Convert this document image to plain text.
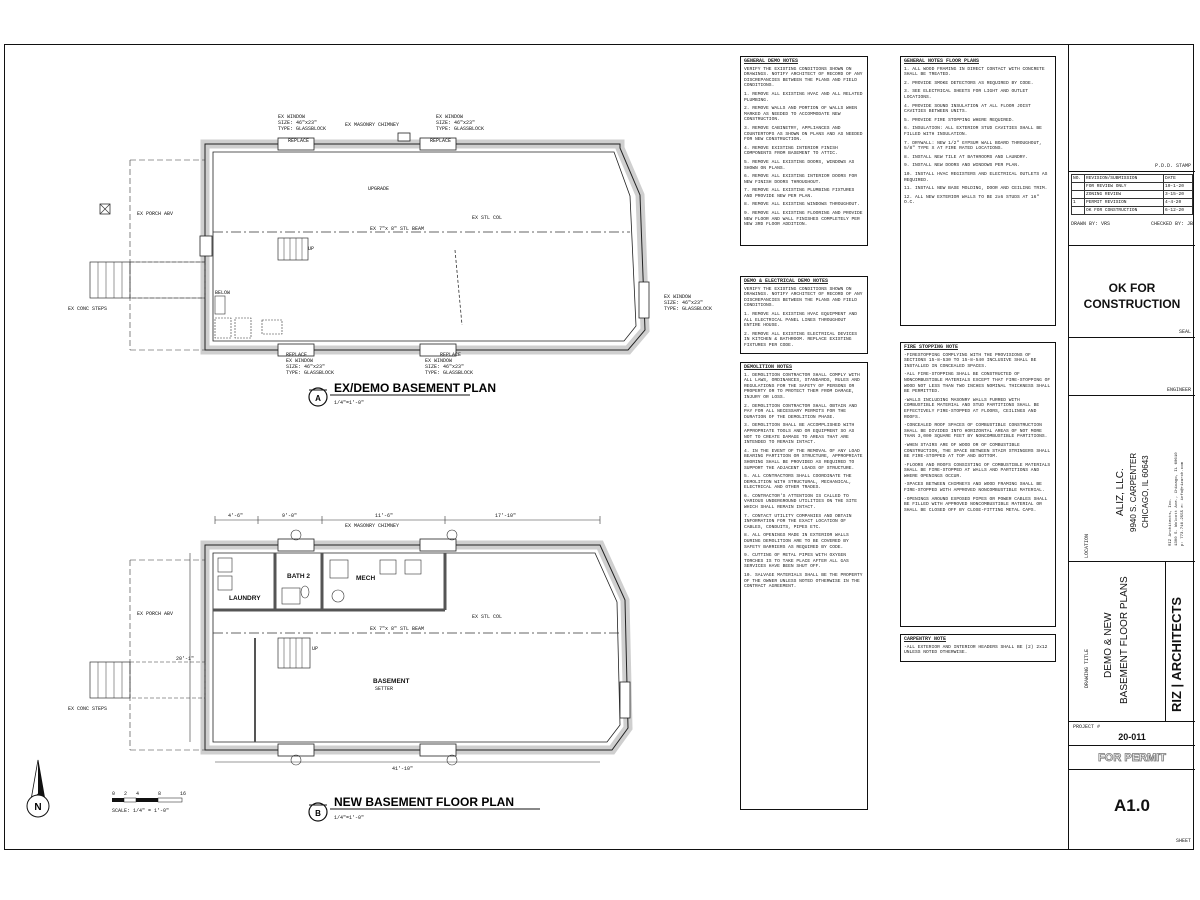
EX WINDOW
SIZE: 46"x23"
TYPE: GLASSBLOCK
EX WINDOW
SIZE: 46"x23"
TYPE: GLASSBLOCK
EX MASONRY CHIMNEY
REPLACE	REPLACE
REPLACE	REPLACE
EX WINDOW
SIZE: 46"x23"
TYPE: GLASSBLOCK
EX WINDOW
SIZE: 46"x23"
TYPE: GLASSBLOCK
EX WINDOW
SIZE: 46"x23"
TYPE: GLASSBLOCK
EX PORCH ABV
EX STL COL
EX 7"x 8" STL BEAM
EX CONC STEPS
UP
UPGRADE
BELOW
A
EX/DEMO BASEMENT PLAN
1/4"=1'-0"
BATH 2
LAUNDRY
MECH
BASEMENT
SETTER
EX PORCH ABV	EX STL COL
EX 7"x 8" STL BEAM
EX CONC STEPS
UP
EX MASONRY CHIMNEY
4'-6"	9'-0"	11'-6"	17'-10"
41'-10"
20'-1"
B
NEW BASEMENT FLOOR PLAN
1/4"=1'-0"
N
0 2 4	8	16
SCALE: 1/4" = 1'-0"
GENERAL DEMO NOTES

VERIFY THE EXISTING CONDITIONS SHOWN ON DRAWINGS. NOTIFY ARCHITECT OF RECORD OF ANY DISCREPANCIES BETWEEN THE PLANS AND FIELD CONDITIONS.

1. REMOVE ALL EXISTING HVAC AND ALL RELATED PLUMBING.

2. REMOVE WALLS AND PORTION OF WALLS WHEN MARKED AS NEEDED TO ACCOMMODATE NEW CONSTRUCTION.

3. REMOVE CABINETRY, APPLIANCES AND COUNTERTOPS AS SHOWN ON PLANS AND AS NEEDED FOR NEW CONSTRUCTION.

4. REMOVE EXISTING INTERIOR FINISH COMPONENTS FROM BASEMENT TO ATTIC.

5. REMOVE ALL EXISTING DOORS, WINDOWS AS SHOWN ON PLANS.

6. REMOVE ALL EXISTING INTERIOR DOORS FOR NEW FINISH DOORS THROUGHOUT.

7. REMOVE ALL EXISTING PLUMBING FIXTURES AND PROVIDE NEW PER PLAN.

8. REMOVE ALL EXISTING WINDOWS THROUGHOUT.

9. REMOVE ALL EXISTING FLOORING AND PROVIDE NEW FLOOR AND WALL FINISHES COMPLETELY PER NEW 3RD FLOOR ADDITION.

DEMO & ELECTRICAL DEMO NOTES

VERIFY THE EXISTING CONDITIONS SHOWN ON DRAWINGS. NOTIFY ARCHITECT OF RECORD OF ANY DISCREPANCIES BETWEEN THE PLANS AND FIELD CONDITIONS.

1. REMOVE ALL EXISTING HVAC EQUIPMENT AND ALL ELECTRICAL PANEL LINES THROUGHOUT ENTIRE HOUSE.

2. REMOVE ALL EXISTING ELECTRICAL DEVICES IN KITCHEN & BATHROOM. REPLACE EXISTING FIXTURES PER CODE.

DEMOLITION NOTES

1. DEMOLITION CONTRACTOR SHALL COMPLY WITH ALL LAWS, ORDINANCES, STANDARDS, RULES AND REGULATIONS FOR THE SAFETY OF PERSONS OR PROPERTY OR TO PROTECT THEM FROM DAMAGE, INJURY OR LOSS.

2. DEMOLITION CONTRACTOR SHALL OBTAIN AND PAY FOR ALL NECESSARY PERMITS FOR THE DURATION OF THE DEMOLITION PHASE.

3. DEMOLITION SHALL BE ACCOMPLISHED WITH APPROPRIATE TOOLS AND OR EQUIPMENT SO AS NOT TO CREATE DAMAGE TO AREAS THAT ARE INTENDED TO REMAIN INTACT.

4. IN THE EVENT OF THE REMOVAL OF ANY LOAD BEARING PARTITION OR STRUCTURE, APPROPRIATE SHORING SHALL BE PROVIDED AS REQUIRED TO SUPPORT THE ADJACENT LOADS OF STRUCTURE.

5. ALL CONTRACTORS SHALL COORDINATE THE DEMOLITION WITH STRUCTURAL, MECHANICAL, ELECTRICAL AND OTHER TRADES.

6. CONTRACTOR'S ATTENTION IS CALLED TO VARIOUS UNDERGROUND UTILITIES ON THE SITE WHICH SHALL REMAIN INTACT.

7. CONTACT UTILITY COMPANIES AND OBTAIN INFORMATION FOR THE EXACT LOCATION OF CABLES, CONDUITS, PIPES ETC.

8. ALL OPENINGS MADE IN EXTERIOR WALLS DURING DEMOLITION ARE TO BE COVERED BY SAFETY BARRIERS AS REQUIRED BY CODE.

9. CUTTING OF METAL PIPES WITH OXYGEN TORCHES IS TO TAKE PLACE AFTER ALL GAS SERVICES HAVE BEEN SHUT OFF.

10. SALVAGE MATERIALS SHALL BE THE PROPERTY OF THE OWNER UNLESS NOTED OTHERWISE IN THE CONTRACT AGREEMENT.

GENERAL NOTES FLOOR PLANS

1. ALL WOOD FRAMING IN DIRECT CONTACT WITH CONCRETE SHALL BE TREATED.

2. PROVIDE SMOKE DETECTORS AS REQUIRED BY CODE.

3. SEE ELECTRICAL SHEETS FOR LIGHT AND OUTLET LOCATIONS.

4. PROVIDE SOUND INSULATION AT ALL FLOOR JOIST CAVITIES BETWEEN UNITS.

5. PROVIDE FIRE STOPPING WHERE REQUIRED.

6. INSULATION: ALL EXTERIOR STUD CAVITIES SHALL BE FILLED WITH INSULATION.

7. DRYWALL: NEW 1/2" GYPSUM WALL BOARD THROUGHOUT, 5/8" TYPE X AT FIRE RATED LOCATIONS.

8. INSTALL NEW TILE AT BATHROOMS AND LAUNDRY.

9. INSTALL NEW DOORS AND WINDOWS PER PLAN.

10. INSTALL HVAC REGISTERS AND ELECTRICAL OUTLETS AS REQUIRED.

11. INSTALL NEW BASE MOLDING, DOOR AND CEILING TRIM.

12. ALL NEW EXTERIOR WALLS TO BE 2x6 STUDS AT 16" O.C.

FIRE STOPPING NOTE

-FIRESTOPPING COMPLYING WITH THE PROVISIONS OF SECTIONS 15-8-530 TO 15-8-540 INCLUSIVE SHALL BE INSTALLED IN CONCEALED SPACES.

-ALL FIRE-STOPPING SHALL BE CONSTRUCTED OF NONCOMBUSTIBLE MATERIALS EXCEPT THAT FIRE-STOPPING OF WOOD NOT LESS THAN TWO INCHES NOMINAL THICKNESS SHALL BE PERMITTED.

-WALLS INCLUDING MASONRY WALLS FURRED WITH COMBUSTIBLE MATERIAL AND STUD PARTITIONS SHALL BE EFFECTIVELY FIRE-STOPPED AT FLOORS, CEILINGS AND ROOFS.

-CONCEALED ROOF SPACES OF COMBUSTIBLE CONSTRUCTION SHALL BE DIVIDED INTO HORIZONTAL AREAS OF NOT MORE THAN 3,000 SQUARE FEET BY NONCOMBUSTIBLE PARTITIONS.

-WHEN STAIRS ARE OF WOOD OR OF COMBUSTIBLE CONSTRUCTION, THE SPACE BETWEEN STAIR STRINGERS SHALL BE FIRE-STOPPED AT TOP AND BOTTOM.

-FLOORS AND ROOFS CONSISTING OF COMBUSTIBLE MATERIALS SHALL BE FIRE-STOPPED AT WALLS AND PARTITIONS AND WHERE OPENINGS OCCUR.

-SPACES BETWEEN CHIMNEYS AND WOOD FRAMING SHALL BE FIRE-STOPPED WITH APPROVED NONCOMBUSTIBLE MATERIAL.

-OPENINGS AROUND EXPOSED PIPES OR POWER CABLES SHALL BE FILLED WITH APPROVED NONCOMBUSTIBLE MATERIAL OR SHALL BE CLOSED OFF BY CLOSE-FITTING METAL CAPS.

CARPENTRY NOTE

-ALL EXTERIOR AND INTERIOR HEADERS SHALL BE (2) 2x12 UNLESS NOTED OTHERWISE.

P.D.D. STAMP
NO.	REVISION/SUBMISSION	DATE
	FOR REVIEW ONLY	10-1-20
	ZONING REVIEW	3-15-20
1	PERMIT REVISION	4-4-20
	OK FOR CONSTRUCTION	6-12-20
DRAWN BY: VRS	CHECKED BY: JB
OK FOR CONSTRUCTION
SEAL
ENGINEER
LOCATION
ALIZ, LLC. 9940 S. CARPENTER CHICAGO, IL 60643	RIZ Architects, Inc. 1300 S. Wolcott Ave., Chicago, IL 60610 p: 773.716.2555 e: info@rizarch.com
DRAWING TITLE	DEMO & NEW BASEMENT FLOOR PLANS	RIZ | ARCHITECTS
PROJECT #
20-011
FOR PERMIT
A1.0
SHEET
